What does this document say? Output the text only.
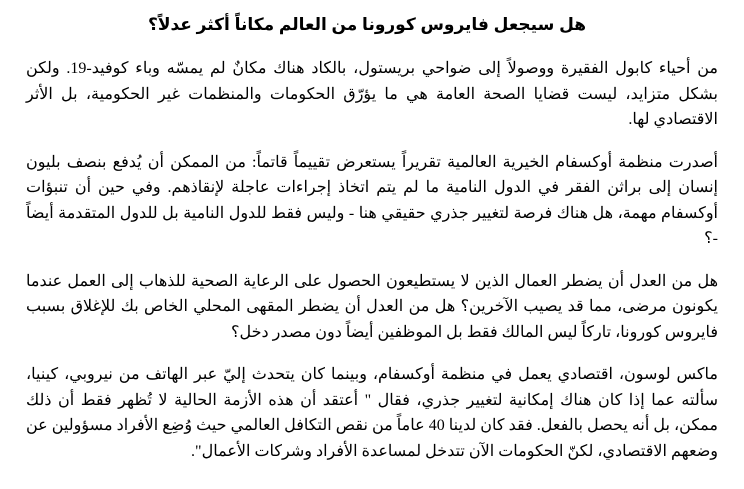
هل سيجعل فايروس كورونا من العالم مكاناً أكثر عدلاً؟

من أحياء كابول الفقيرة ووصولاً إلى ضواحي بريستول، بالكاد هناك مكانٌ لم يمسّه وباء كوفيد-19. ولكن بشكل متزايد، ليست قضايا الصحة العامة هي ما يؤرّق الحكومات والمنظمات غير الحكومية، بل الأثر الاقتصادي لها.

أصدرت منظمة أوكسفام الخيرية العالمية تقريراً يستعرض تقييماً قاتماً: من الممكن أن يُدفع بنصف بليون إنسان إلى براثن الفقر في الدول النامية ما لم يتم اتخاذ إجراءات عاجلة لإنقاذهم. وفي حين أن تنبؤات أوكسفام مهمة، هل هناك فرصة لتغيير جذري حقيقي هنا - وليس فقط للدول النامية بل للدول المتقدمة أيضاً -؟

هل من العدل أن يضطر العمال الذين لا يستطيعون الحصول على الرعاية الصحية للذهاب إلى العمل عندما يكونون مرضى، مما قد يصيب الآخرين؟ هل من العدل أن يضطر المقهى المحلي الخاص بك للإغلاق بسبب فايروس كورونا، تاركاً ليس المالك فقط بل الموظفين أيضاً دون مصدر دخل؟

ماكس لوسون، اقتصادي يعمل في منظمة أوكسفام، وبينما كان يتحدث إليّ عبر الهاتف من نيروبي، كينيا، سألته عما إذا كان هناك إمكانية لتغيير جذري، فقال " أعتقد أن هذه الأزمة الحالية لا تُظهر فقط أن ذلك ممكن، بل أنه يحصل بالفعل. فقد كان لدينا 40 عاماً من نقص التكافل العالمي حيث وُضِع الأفراد مسؤولين عن وضعهم الاقتصادي، لكنّ الحكومات الآن تتدخل لمساعدة الأفراد وشركات الأعمال".
